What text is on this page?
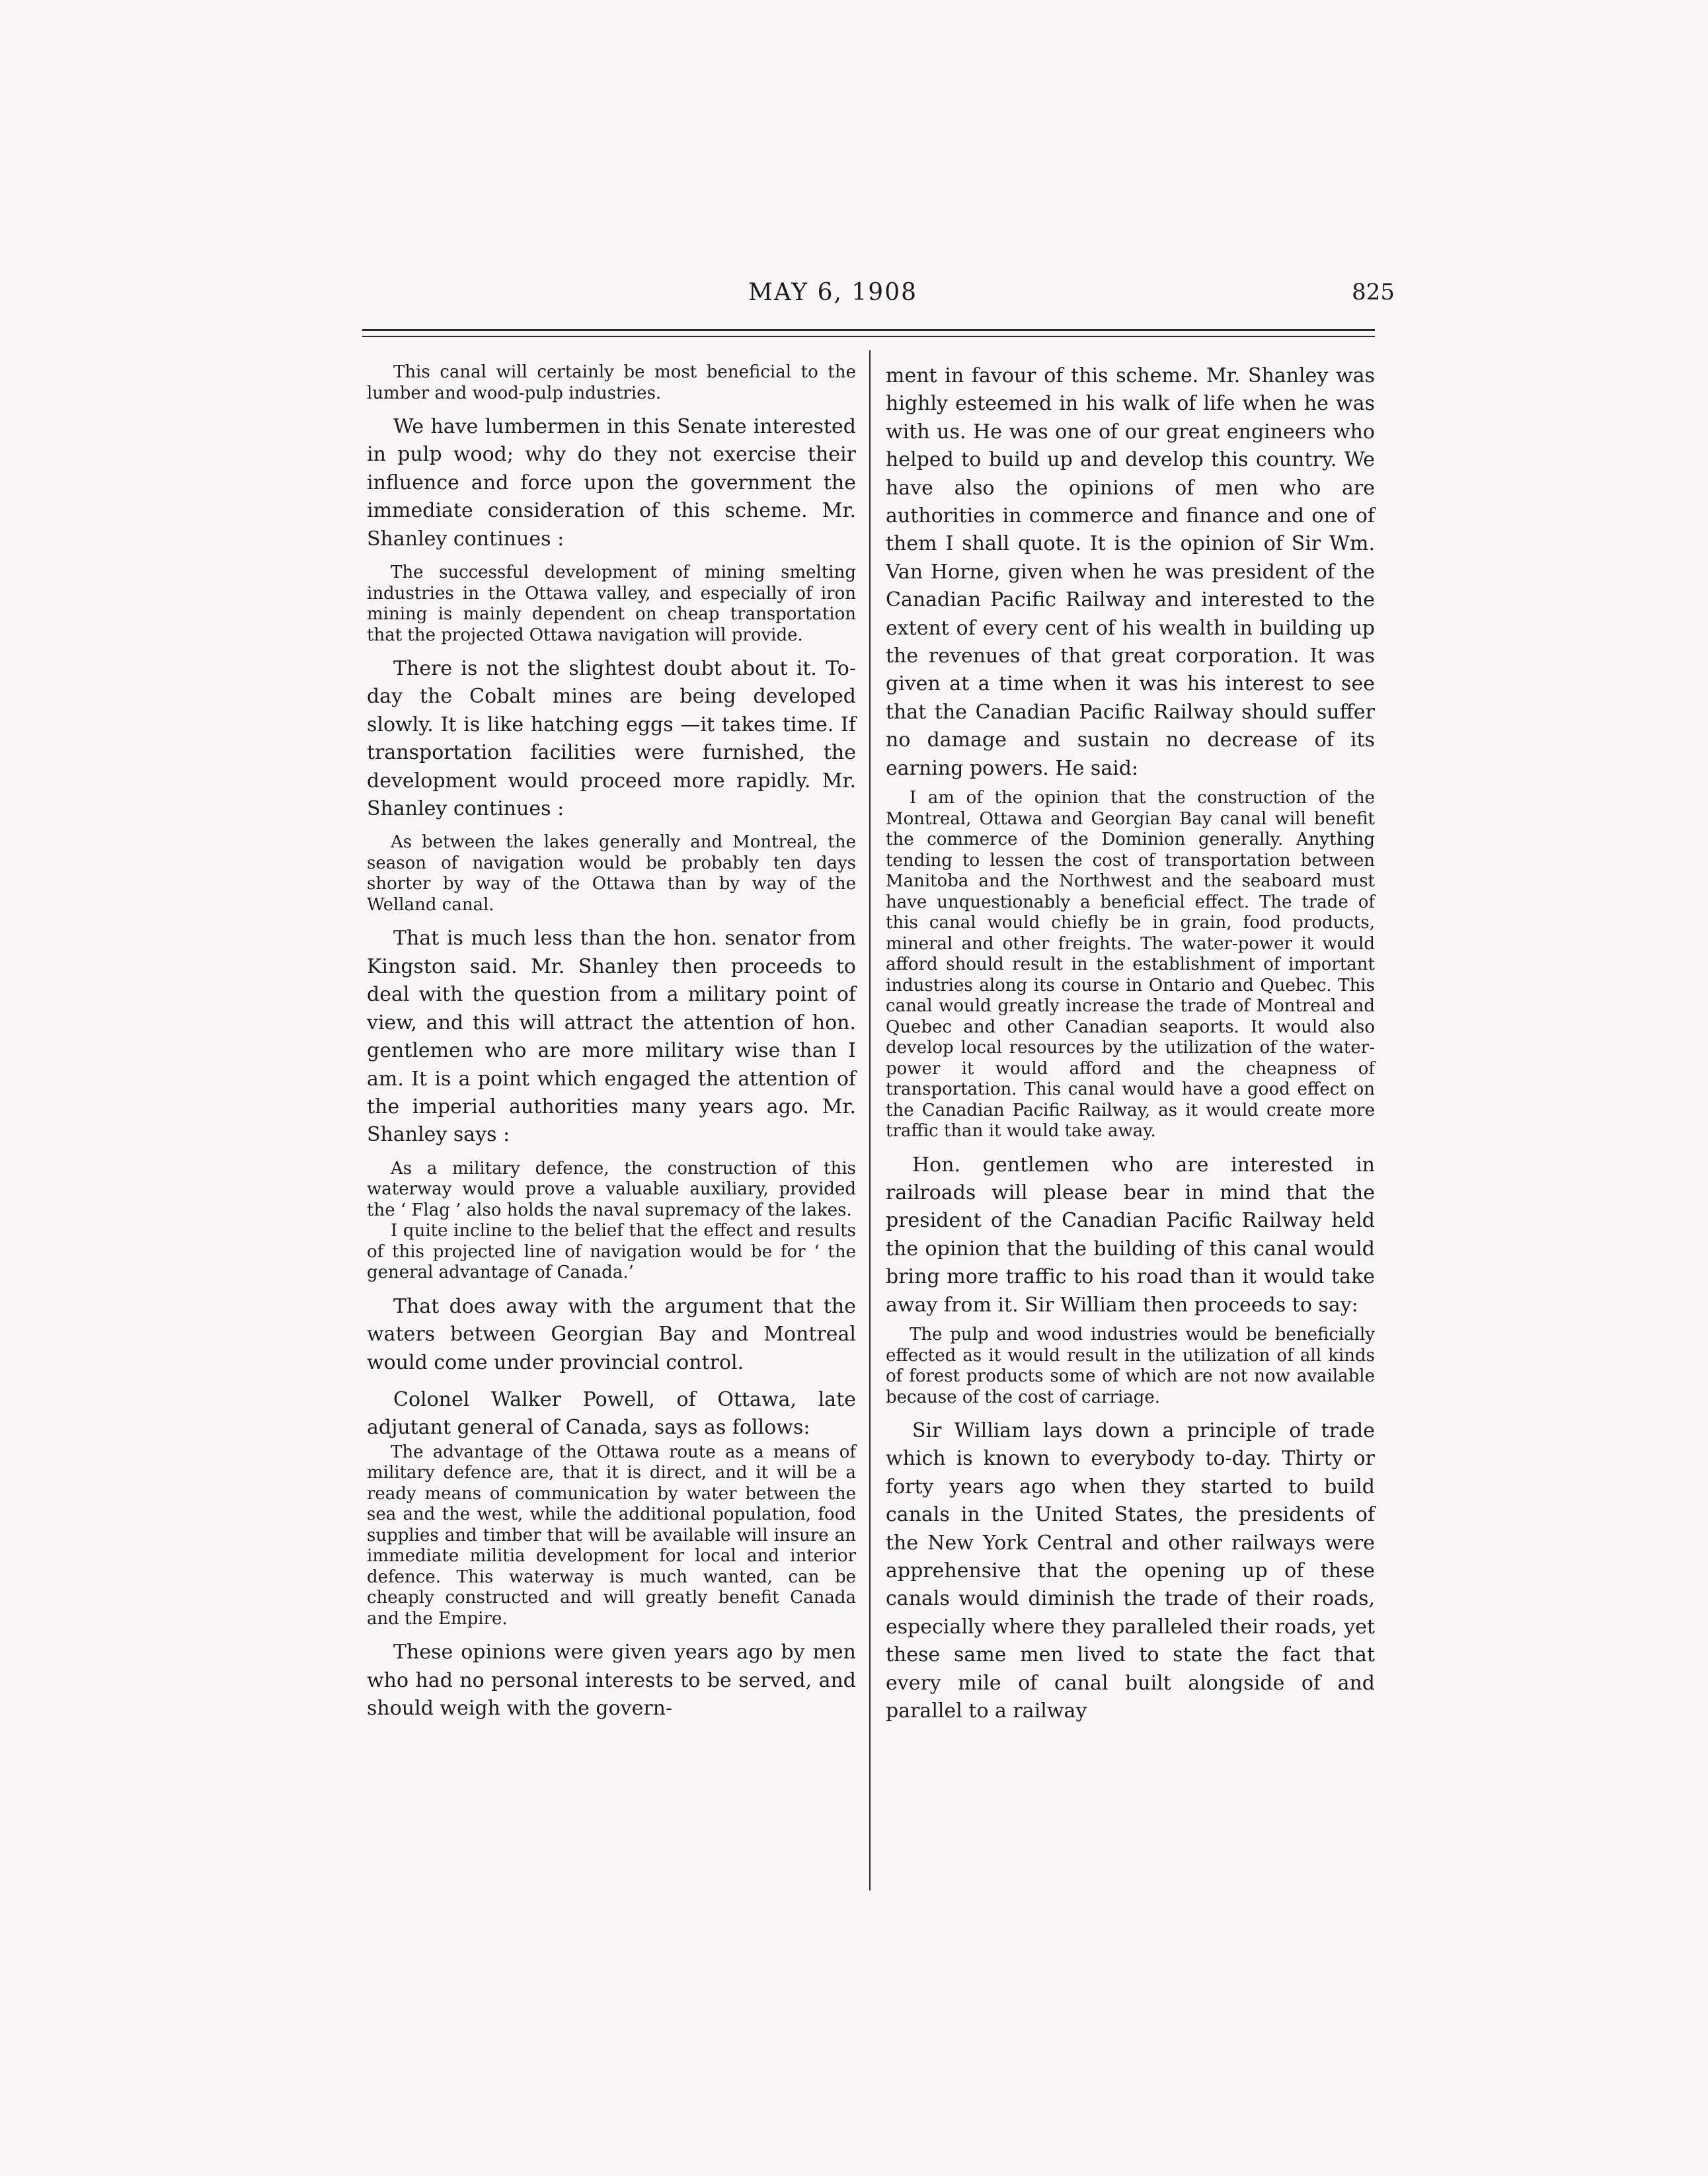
MAY 6, 1908	825

This canal will certainly be most beneficial to the lumber and wood-pulp industries.

We have lumbermen in this Senate interested in pulp wood; why do they not exercise their influence and force upon the government the immediate consideration of this scheme. Mr. Shanley continues :

The successful development of mining smelting industries in the Ottawa valley, and especially of iron mining is mainly dependent on cheap transportation that the projected Ottawa navigation will provide.

There is not the slightest doubt about it. To-day the Cobalt mines are being developed slowly. It is like hatching eggs —it takes time. If transportation facilities were furnished, the development would proceed more rapidly. Mr. Shanley continues :

As between the lakes generally and Montreal, the season of navigation would be probably ten days shorter by way of the Ottawa than by way of the Welland canal.

That is much less than the hon. senator from Kingston said. Mr. Shanley then proceeds to deal with the question from a military point of view, and this will attract the attention of hon. gentlemen who are more military wise than I am. It is a point which engaged the attention of the imperial authorities many years ago. Mr. Shanley says :

As a military defence, the construction of this waterway would prove a valuable auxiliary, provided the ‘ Flag ’ also holds the naval supremacy of the lakes.

I quite incline to the belief that the effect and results of this projected line of navigation would be for ‘ the general advantage of Canada.’

That does away with the argument that the waters between Georgian Bay and Montreal would come under provincial control.

Colonel Walker Powell, of Ottawa, late adjutant general of Canada, says as follows:

The advantage of the Ottawa route as a means of military defence are, that it is direct, and it will be a ready means of communication by water between the sea and the west, while the additional population, food supplies and timber that will be available will insure an immediate militia development for local and interior defence. This waterway is much wanted, can be cheaply constructed and will greatly benefit Canada and the Empire.

These opinions were given years ago by men who had no personal interests to be served, and should weigh with the govern-

ment in favour of this scheme. Mr. Shanley was highly esteemed in his walk of life when he was with us. He was one of our great engineers who helped to build up and develop this country. We have also the opinions of men who are authorities in commerce and finance and one of them I shall quote. It is the opinion of Sir Wm. Van Horne, given when he was president of the Canadian Pacific Railway and interested to the extent of every cent of his wealth in building up the revenues of that great corporation. It was given at a time when it was his interest to see that the Canadian Pacific Railway should suffer no damage and sustain no decrease of its earning powers. He said:

I am of the opinion that the construction of the Montreal, Ottawa and Georgian Bay canal will benefit the commerce of the Dominion generally. Anything tending to lessen the cost of transportation between Manitoba and the Northwest and the seaboard must have unquestionably a beneficial effect. The trade of this canal would chiefly be in grain, food products, mineral and other freights. The water-power it would afford should result in the establishment of important industries along its course in Ontario and Quebec. This canal would greatly increase the trade of Montreal and Quebec and other Canadian seaports. It would also develop local resources by the utilization of the water-power it would afford and the cheapness of transportation. This canal would have a good effect on the Canadian Pacific Railway, as it would create more traffic than it would take away.

Hon. gentlemen who are interested in railroads will please bear in mind that the president of the Canadian Pacific Railway held the opinion that the building of this canal would bring more traffic to his road than it would take away from it. Sir William then proceeds to say:

The pulp and wood industries would be beneficially effected as it would result in the utilization of all kinds of forest products some of which are not now available because of the cost of carriage.

Sir William lays down a principle of trade which is known to everybody to-day. Thirty or forty years ago when they started to build canals in the United States, the presidents of the New York Central and other railways were apprehensive that the opening up of these canals would diminish the trade of their roads, especially where they paralleled their roads, yet these same men lived to state the fact that every mile of canal built alongside of and parallel to a railway
